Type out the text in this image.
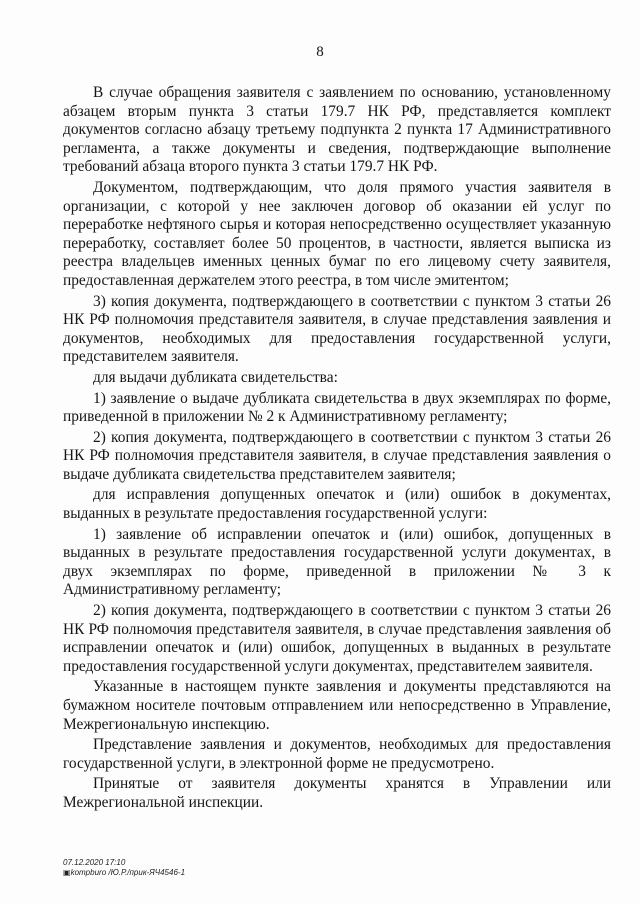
8

В случае обращения заявителя с заявлением по основанию, установленному абзацем вторым пункта 3 статьи 179.7 НК РФ, представляется комплект документов согласно абзацу третьему подпункта 2 пункта 17 Административного регламента, а также документы и сведения, подтверждающие выполнение требований абзаца второго пункта 3 статьи 179.7 НК РФ.

Документом, подтверждающим, что доля прямого участия заявителя в организации, с которой у нее заключен договор об оказании ей услуг по переработке нефтяного сырья и которая непосредственно осуществляет указанную переработку, составляет более 50 процентов, в частности, является выписка из реестра владельцев именных ценных бумаг по его лицевому счету заявителя, предоставленная держателем этого реестра, в том числе эмитентом;

3) копия документа, подтверждающего в соответствии с пунктом 3 статьи 26 НК РФ полномочия представителя заявителя, в случае представления заявления и документов, необходимых для предоставления государственной услуги, представителем заявителя.

для выдачи дубликата свидетельства:

1) заявление о выдаче дубликата свидетельства в двух экземплярах по форме, приведенной в приложении № 2 к Административному регламенту;

2) копия документа, подтверждающего в соответствии с пунктом 3 статьи 26 НК РФ полномочия представителя заявителя, в случае представления заявления о выдаче дубликата свидетельства представителем заявителя;

для исправления допущенных опечаток и (или) ошибок в документах, выданных в результате предоставления государственной услуги:

1) заявление об исправлении опечаток и (или) ошибок, допущенных в выданных в результате предоставления государственной услуги документах, в двух экземплярах по форме, приведенной в приложении № 3 к Административному регламенту;

2) копия документа, подтверждающего в соответствии с пунктом 3 статьи 26 НК РФ полномочия представителя заявителя, в случае представления заявления об исправлении опечаток и (или) ошибок, допущенных в выданных в результате предоставления государственной услуги документах, представителем заявителя.

Указанные в настоящем пункте заявления и документы представляются на бумажном носителе почтовым отправлением или непосредственно в Управление, Межрегиональную инспекцию.

Представление заявления и документов, необходимых для предоставления государственной услуги, в электронной форме не предусмотрено.

Принятые от заявителя документы хранятся в Управлении или Межрегиональной инспекции.

07.12.2020 17:10
▣kompburo /Ю.Р./прик-ЯЧ4546-1
